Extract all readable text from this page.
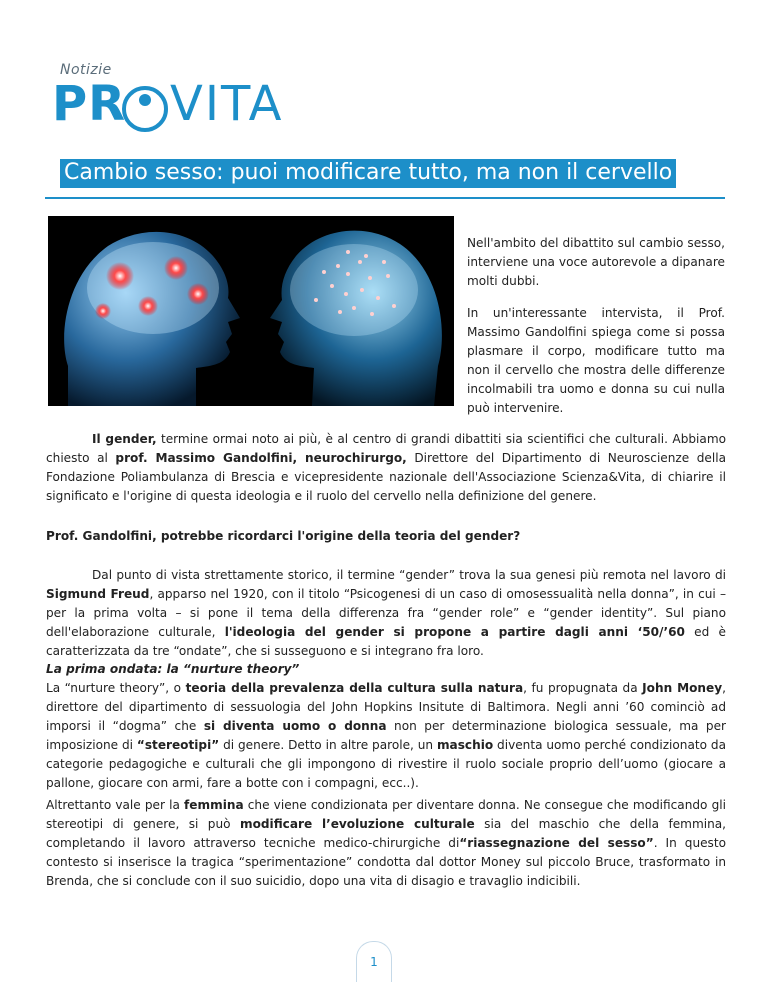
Notizie
PR VITA
Cambio sesso: puoi modificare tutto, ma non il cervello

Nell'ambito del dibattito sul cambio sesso, interviene una voce autorevole a dipanare molti dubbi.

In un'interessante intervista, il Prof. Massimo Gandolfini spiega come si possa plasmare il corpo, modificare tutto ma non il cervello che mostra delle differenze incolmabili tra uomo e donna su cui nulla può intervenire.

Il gender, termine ormai noto ai più, è al centro di grandi dibattiti sia scientifici che culturali. Abbiamo chiesto al prof. Massimo Gandolfini, neurochirurgo, Direttore del Dipartimento di Neuroscienze della Fondazione Poliambulanza di Brescia e vicepresidente nazionale dell'Associazione Scienza&Vita, di chiarire il significato e l'origine di questa ideologia e il ruolo del cervello nella definizione del genere.

Prof. Gandolfini, potrebbe ricordarci l'origine della teoria del gender?

Dal punto di vista strettamente storico, il termine “gender” trova la sua genesi più remota nel lavoro di Sigmund Freud, apparso nel 1920, con il titolo “Psicogenesi di un caso di omosessualità nella donna”, in cui – per la prima volta – si pone il tema della differenza fra “gender role” e “gender identity”. Sul piano dell'elaborazione culturale, l'ideologia del gender si propone a partire dagli anni ‘50/’60 ed è caratterizzata da tre “ondate”, che si susseguono e si integrano fra loro.

La prima ondata: la “nurture theory”

La “nurture theory”, o teoria della prevalenza della cultura sulla natura, fu propugnata da John Money, direttore del dipartimento di sessuologia del John Hopkins Insitute di Baltimora. Negli anni ’60 cominciò ad imporsi il “dogma” che si diventa uomo o donna non per determinazione biologica sessuale, ma per imposizione di “stereotipi” di genere. Detto in altre parole, un maschio diventa uomo perché condizionato da categorie pedagogiche e culturali che gli impongono di rivestire il ruolo sociale proprio dell’uomo (giocare a pallone, giocare con armi, fare a botte con i compagni, ecc..).

Altrettanto vale per la femmina che viene condizionata per diventare donna. Ne consegue che modificando gli stereotipi di genere, si può modificare l’evoluzione culturale sia del maschio che della femmina, completando il lavoro attraverso tecniche medico-chirurgiche di“riassegnazione del sesso”. In questo contesto si inserisce la tragica “sperimentazione” condotta dal dottor Money sul piccolo Bruce, trasformato in Brenda, che si conclude con il suo suicidio, dopo una vita di disagio e travaglio indicibili.

1
